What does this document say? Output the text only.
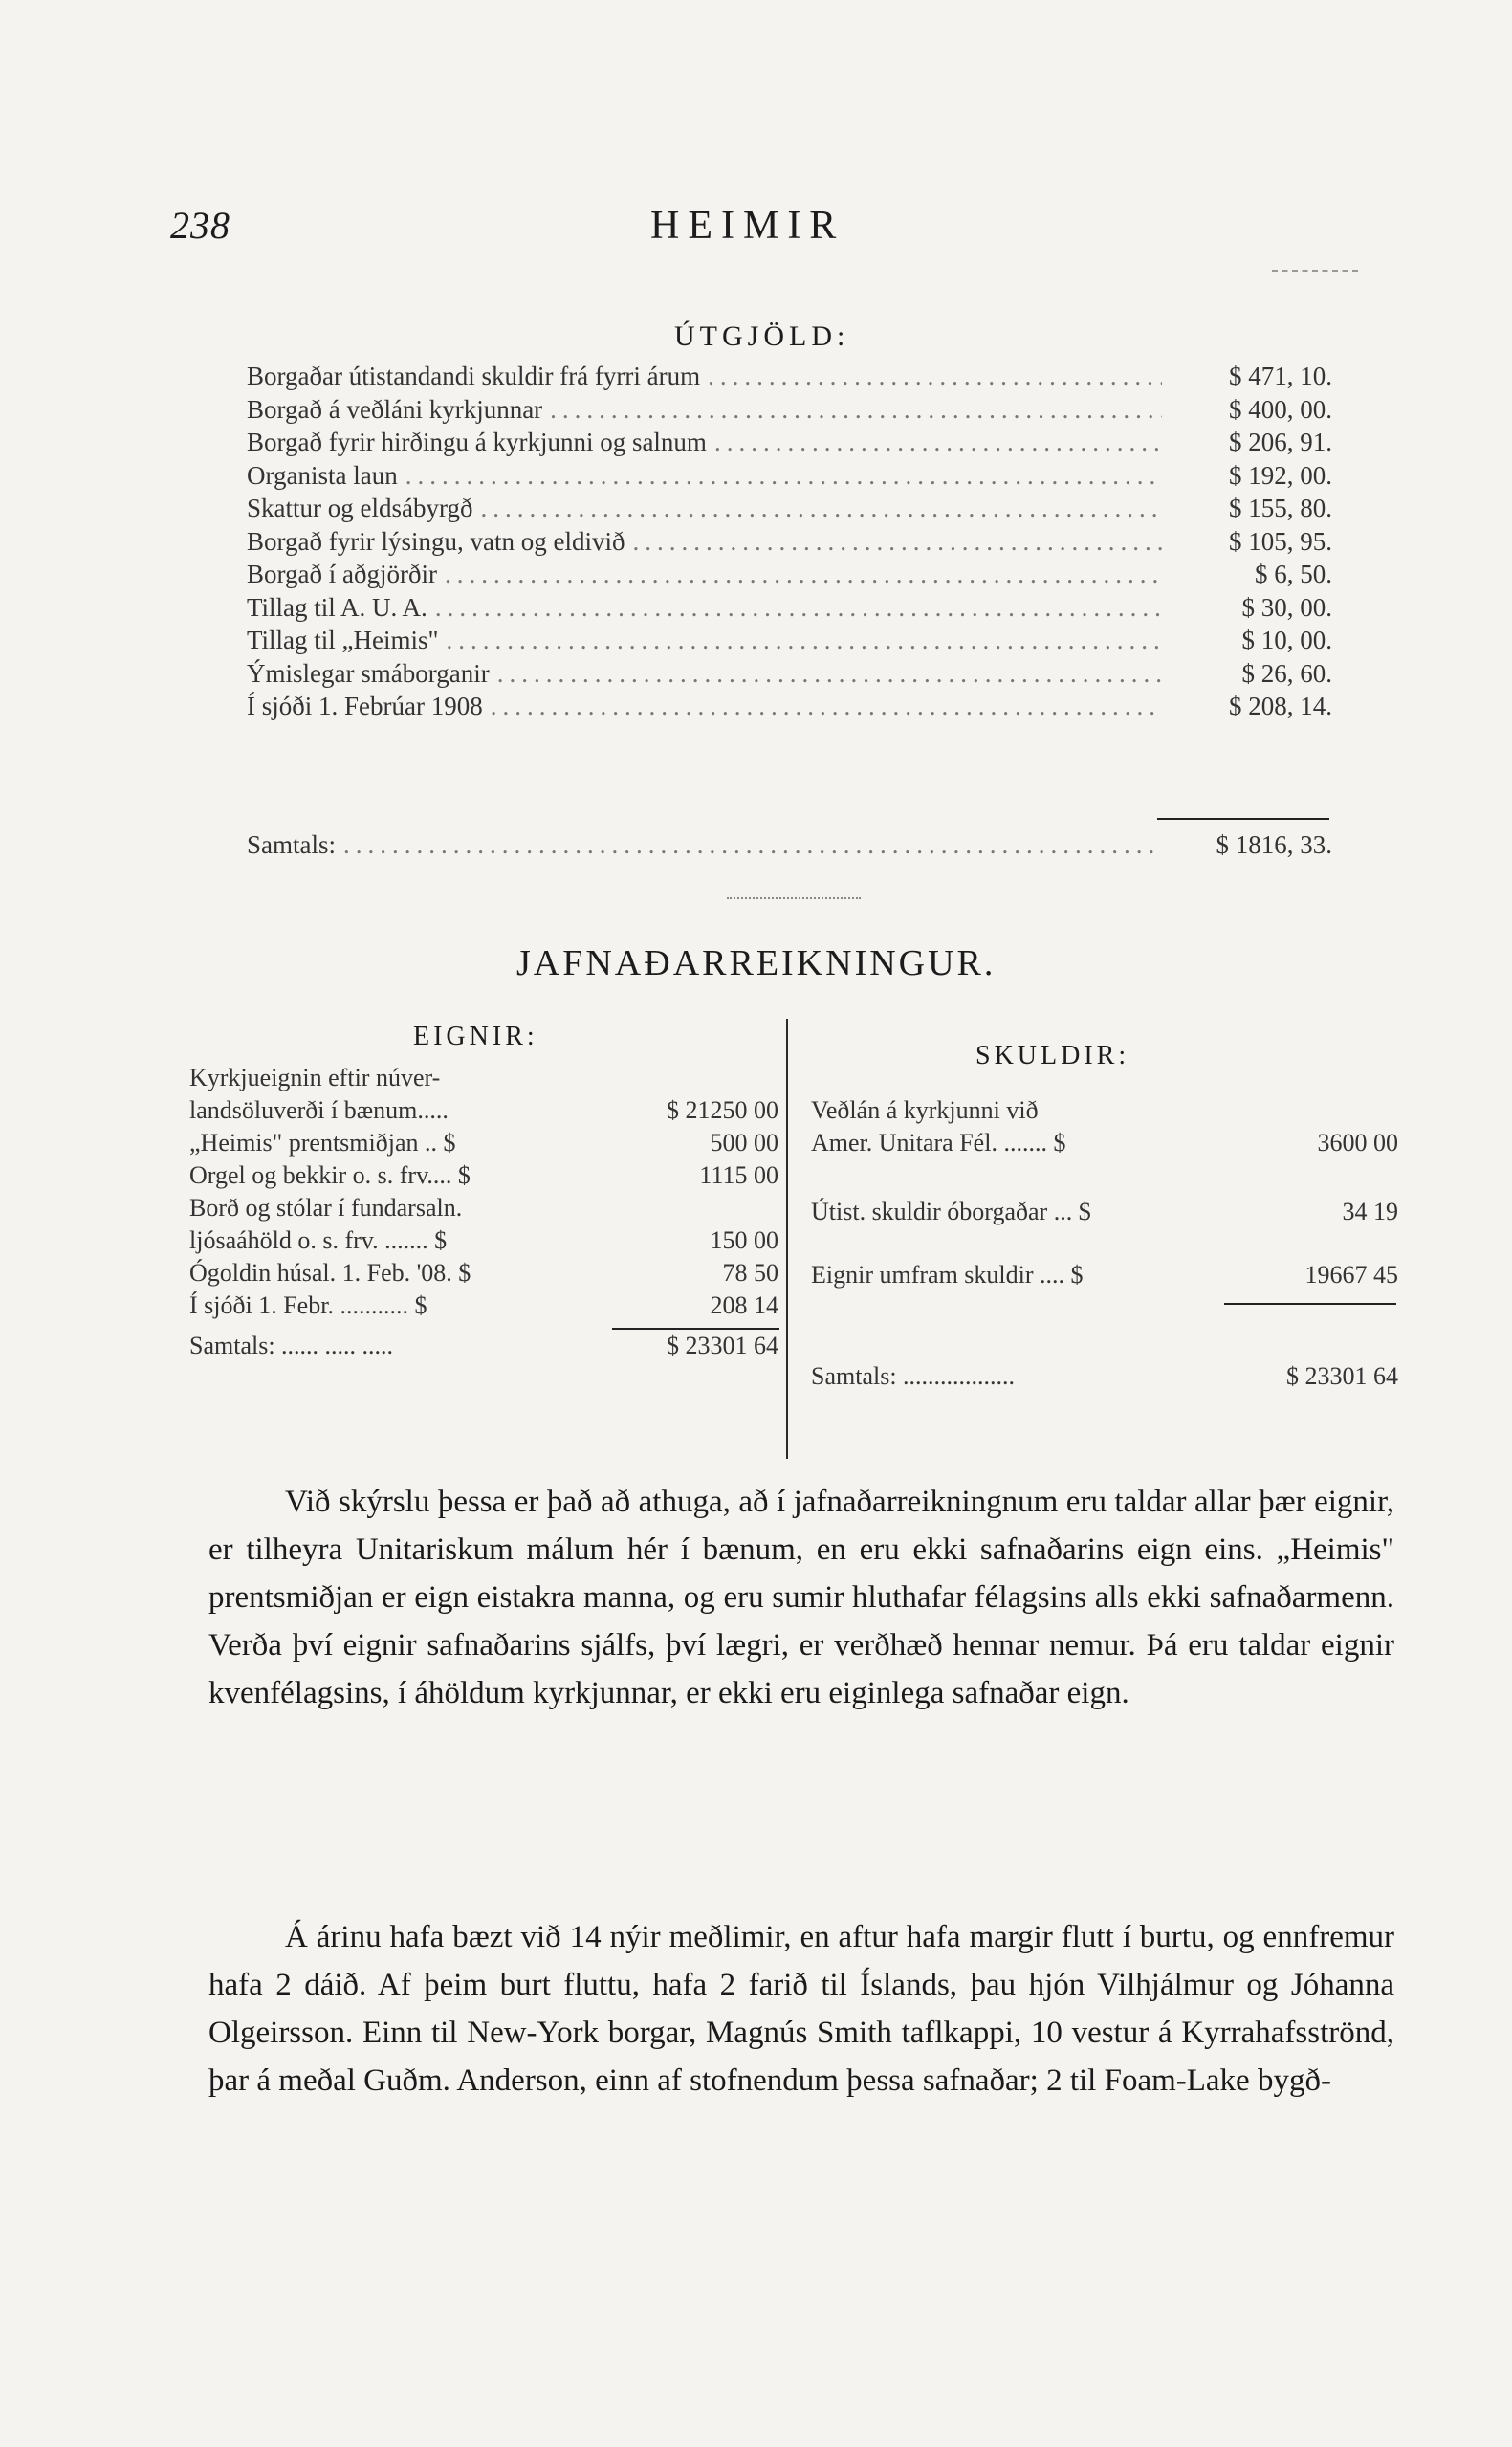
238	HEIMIR
ÚTGJÖLD:
Borgaðar útistandandi skuldir frá fyrri árum .....	$ 471, 10.
Borgað á veðláni kyrkjunnar .....	$ 400, 00.
Borgað fyrir hirðingu á kyrkjunni og salnum .....	$ 206, 91.
Organista laun .....	$ 192, 00.
Skattur og eldsábyrgð .....	$ 155, 80.
Borgað fyrir lýsingu, vatn og eldivið .....	$ 105, 95.
Borgað í aðgjörðir .....	$ 6, 50.
Tillag til A. U. A. .....	$ 30, 00.
Tillag til „Heimis" .....	$ 10, 00.
Ýmislegar smáborganir .....	$ 26, 60.
Í sjóði 1. Febrúar 1908 .....	$ 208, 14.
Samtals: .....	$ 1816, 33.
JAFNAÐARREIKNINGUR.
EIGNIR:
SKULDIR:
Kyrkjueignin eftir núver-
landsöluverði í bænum.....	$ 21250 00
„Heimis" prentsmiðjan .. $	500 00
Orgel og bekkir o. s. frv.... $	1115 00
Borð og stólar í fundarsaln.
ljósaáhöld o. s. frv. ....... $	150 00
Ógoldin húsal. 1. Feb. '08. $	78 50
Í sjóði 1. Febr. ........... $	208 14
Samtals: ...... ..... .....	$ 23301 64
Veðlán á kyrkjunni við
Amer. Unitara Fél. ....... $	3600 00
Útist. skuldir óborgaðar ... $	34 19
Eignir umfram skuldir .... $	19667 45
Samtals: ..................	$ 23301 64
Við skýrslu þessa er það að athuga, að í jafnaðarreikningnum eru taldar allar þær eignir, er tilheyra Unitariskum málum hér í bænum, en eru ekki safnaðarins eign eins. „Heimis" prentsmiðjan er eign eistakra manna, og eru sumir hluthafar félagsins alls ekki safnaðarmenn. Verða því eignir safnaðarins sjálfs, því lægri, er verðhæð hennar nemur. Þá eru taldar eignir kvenfélagsins, í áhöldum kyrkjunnar, er ekki eru eiginlega safnaðar eign.
Á árinu hafa bæzt við 14 nýir meðlimir, en aftur hafa margir flutt í burtu, og ennfremur hafa 2 dáið. Af þeim burt fluttu, hafa 2 farið til Íslands, þau hjón Vilhjálmur og Jóhanna Olgeirsson. Einn til New-York borgar, Magnús Smith taflkappi, 10 vestur á Kyrrahafsströnd, þar á meðal Guðm. Anderson, einn af stofnendum þessa safnaðar; 2 til Foam-Lake bygð-
